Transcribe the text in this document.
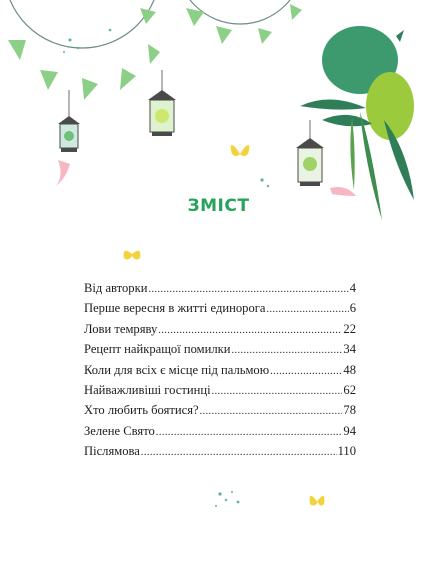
ЗМІСТ
Від авторки .....	4
Перше вересня в житті единорога .....	6
Лови темряву .....	22
Рецепт найкращої помилки .....	34
Коли для всіх є місце під пальмою .....	48
Найважливіші гостинці .....	62
Хто любить боятися? .....	78
Зелене Свято .....	94
Післямова .....	110
